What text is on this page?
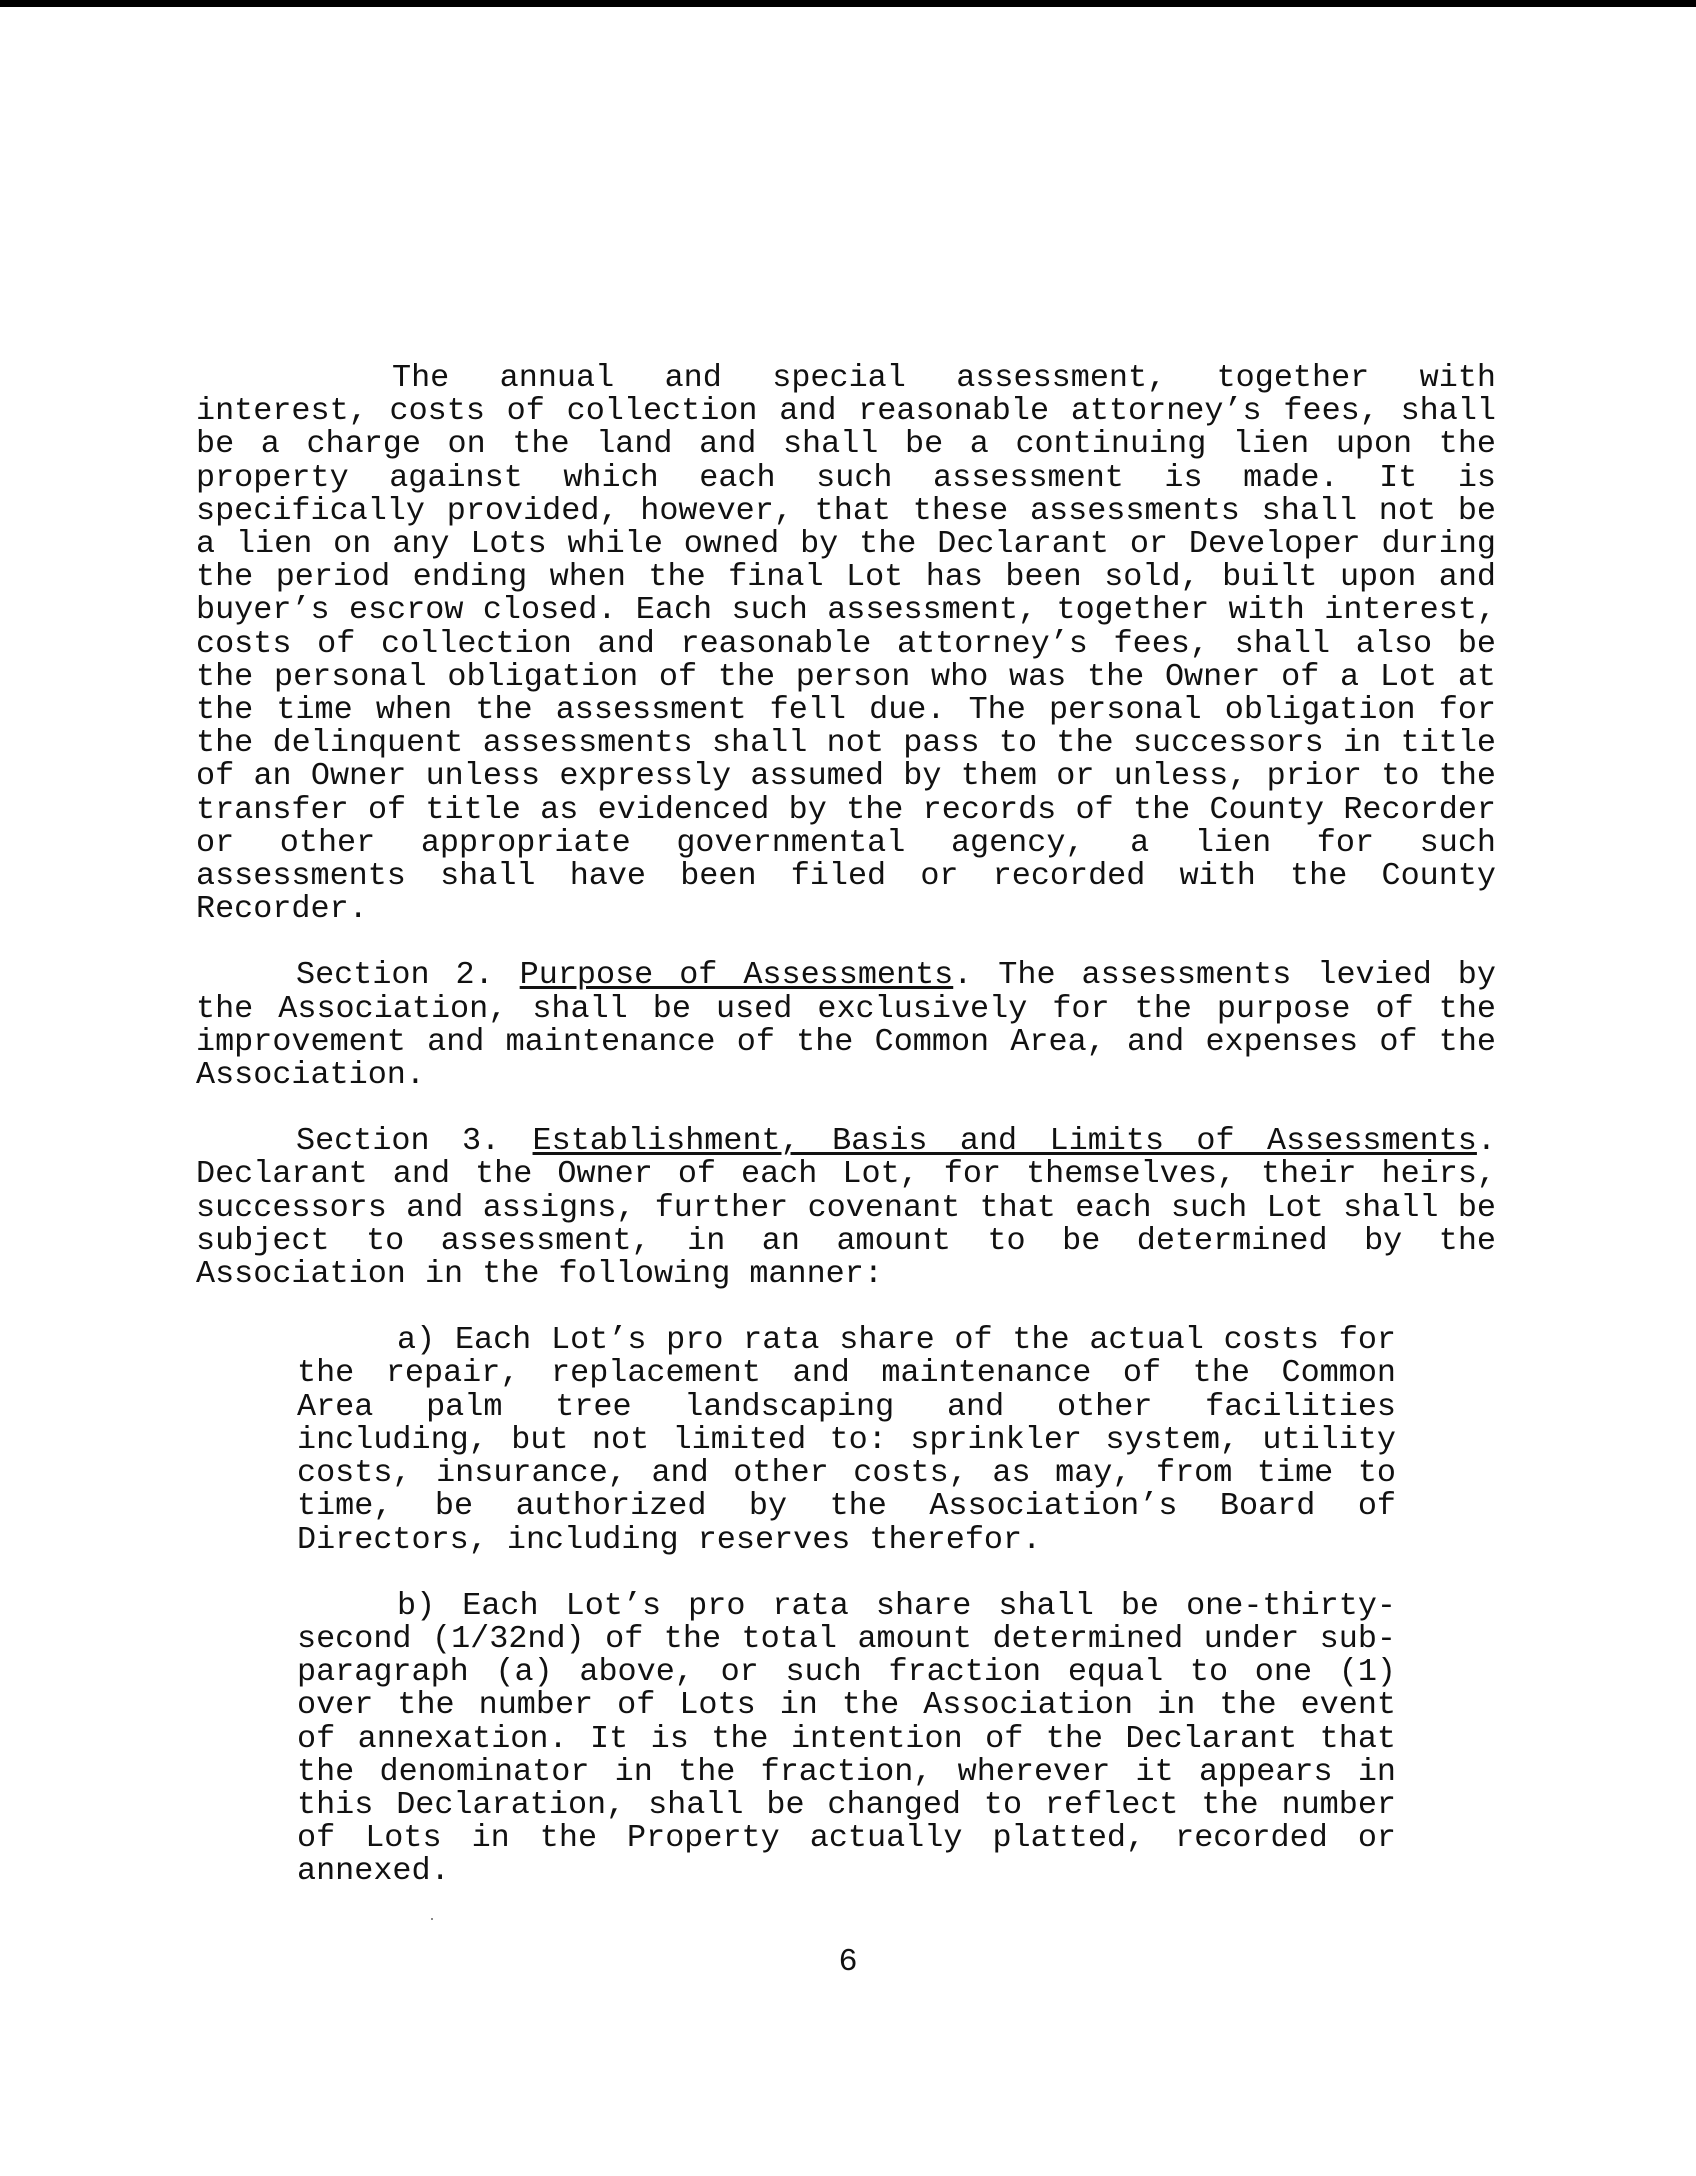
The annual and special assessment, together with interest, costs of collection and reasonable attorney’s fees, shall be a charge on the land and shall be a continuing lien upon the property against which each such assessment is made. It is specifically provided, however, that these assessments shall not be a lien on any Lots while owned by the Declarant or Developer during the period ending when the final Lot has been sold, built upon and buyer’s escrow closed. Each such assessment, together with interest, costs of collection and reasonable attorney’s fees, shall also be the personal obligation of the person who was the Owner of a Lot at the time when the assessment fell due. The personal obligation for the delinquent assessments shall not pass to the successors in title of an Owner unless expressly assumed by them or unless, prior to the transfer of title as evidenced by the records of the County Recorder or other appropriate governmental agency, a lien for such assessments shall have been filed or recorded with the County Recorder.

Section 2. Purpose of Assessments. The assessments levied by the Association, shall be used exclusively for the purpose of the improvement and maintenance of the Common Area, and expenses of the Association.

Section 3. Establishment, Basis and Limits of Assessments. Declarant and the Owner of each Lot, for themselves, their heirs, successors and assigns, further covenant that each such Lot shall be subject to assessment, in an amount to be determined by the Association in the following manner:

a) Each Lot’s pro rata share of the actual costs for the repair, replacement and maintenance of the Common Area palm tree landscaping and other facilities including, but not limited to: sprinkler system, utility costs, insurance, and other costs, as may, from time to time, be authorized by the Association’s Board of Directors, including reserves therefor.

b) Each Lot’s pro rata share shall be one-thirty-second (1/32nd) of the total amount determined under sub-paragraph (a) above, or such fraction equal to one (1) over the number of Lots in the Association in the event of annexation. It is the intention of the Declarant that the denominator in the fraction, wherever it appears in this Declaration, shall be changed to reflect the number of Lots in the Property actually platted, recorded or annexed.

6
